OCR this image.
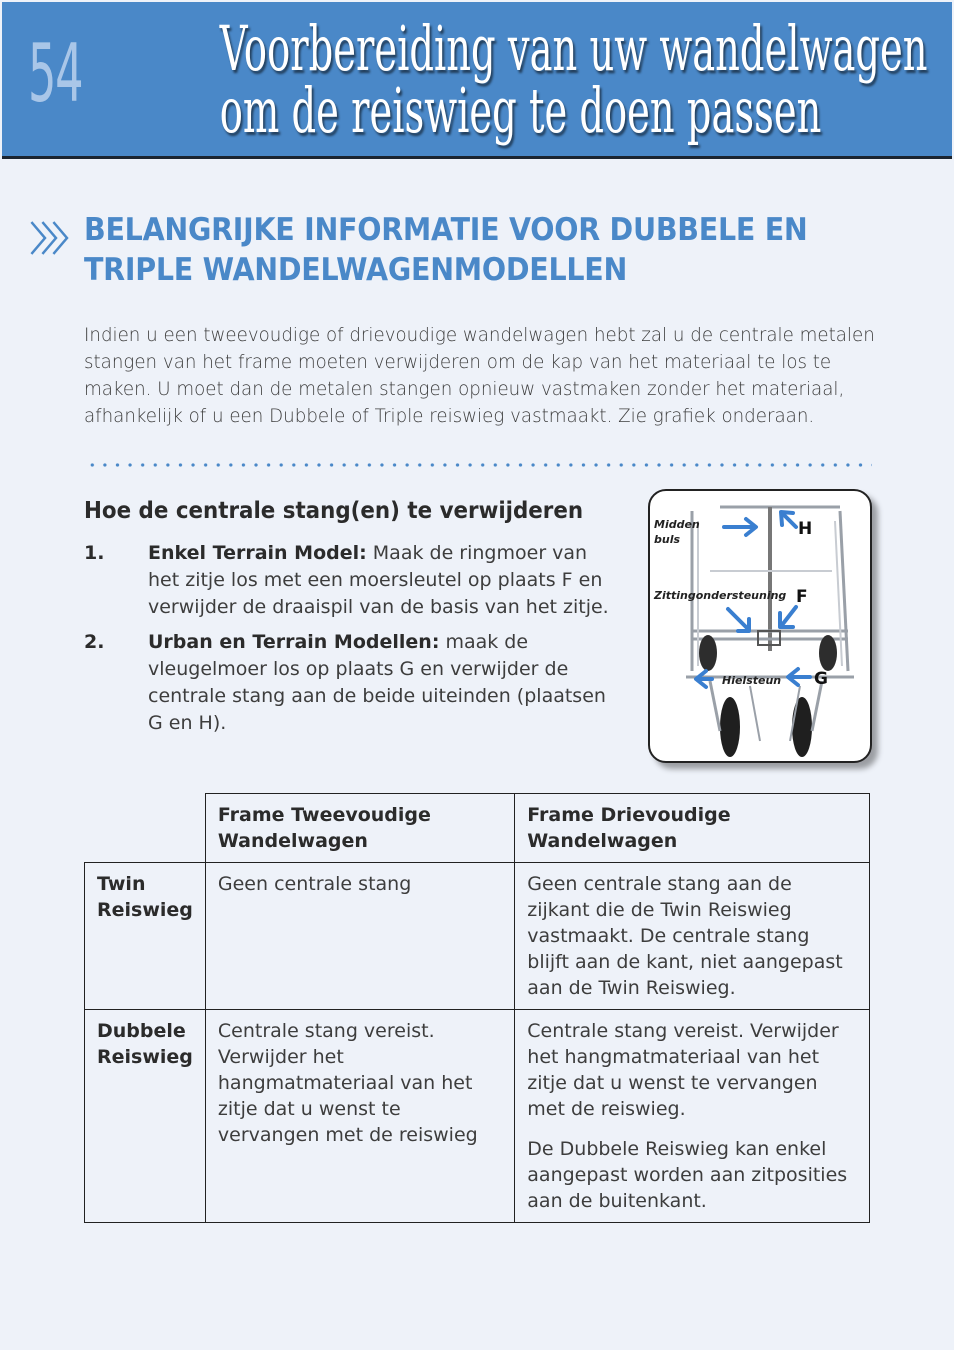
54 Voorbereiding van uw wandelwagen
om de reiswieg te doen passen
〉〉〉 BELANGRIJKE INFORMATIE VOOR DUBBELE EN TRIPLE WANDELWAGENMODELLEN
Indien u een tweevoudige of drievoudige wandelwagen hebt zal u de centrale metalen stangen van het frame moeten verwijderen om de kap van het materiaal te los te maken. U moet dan de metalen stangen opnieuw vastmaken zonder het materiaal, afhankelijk of u een Dubbele of Triple reiswieg vastmaakt. Zie grafiek onderaan.
Hoe de centrale stang(en) te verwijderen
1. Enkel Terrain Model: Maak de ringmoer van het zitje los met een moersleutel op plaats F en verwijder de draaispil van de basis van het zitje.
2. Urban en Terrain Modellen: maak de vleugelmoer los op plaats G en verwijder de centrale stang aan de beide uiteinden (plaatsen G en H).
Midden
buls
H
Zittingondersteuning F
Hielsteun G
	Frame Tweevoudige Wandelwagen	Frame Drievoudige Wandelwagen
Twin Reiswieg	Geen centrale stang	Geen centrale stang aan de zijkant die de Twin Reiswieg vastmaakt. De centrale stang blijft aan de kant, niet aangepast aan de Twin Reiswieg.

Dubbele Reiswieg	Centrale stang vereist. Verwijder het hangmatmateriaal van het zitje dat u wenst te vervangen met de reiswieg	Centrale stang vereist. Verwijder het hangmatmateriaal van het zitje dat u wenst te vervangen met de reiswieg.

De Dubbele Reiswieg kan enkel aangepast worden aan zitposities aan de buitenkant.
